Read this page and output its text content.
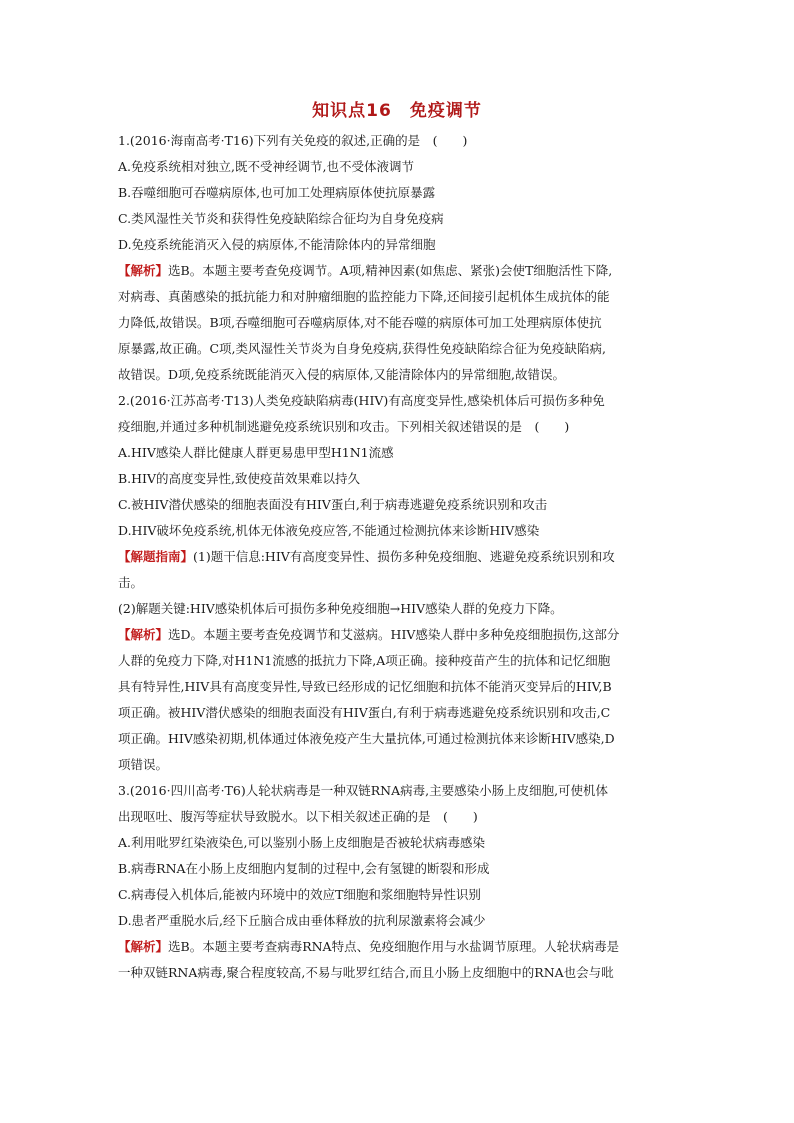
知识点16　免疫调节
1.(2016·海南高考·T16)下列有关免疫的叙述,正确的是　(　　)
A.免疫系统相对独立,既不受神经调节,也不受体液调节
B.吞噬细胞可吞噬病原体,也可加工处理病原体使抗原暴露
C.类风湿性关节炎和获得性免疫缺陷综合征均为自身免疫病
D.免疫系统能消灭入侵的病原体,不能清除体内的异常细胞
【解析】选B。本题主要考查免疫调节。A项,精神因素(如焦虑、紧张)会使T细胞活性下降,
对病毒、真菌感染的抵抗能力和对肿瘤细胞的监控能力下降,还间接引起机体生成抗体的能
力降低,故错误。B项,吞噬细胞可吞噬病原体,对不能吞噬的病原体可加工处理病原体使抗
原暴露,故正确。C项,类风湿性关节炎为自身免疫病,获得性免疫缺陷综合征为免疫缺陷病,
故错误。D项,免疫系统既能消灭入侵的病原体,又能清除体内的异常细胞,故错误。
2.(2016·江苏高考·T13)人类免疫缺陷病毒(HIV)有高度变异性,感染机体后可损伤多种免
疫细胞,并通过多种机制逃避免疫系统识别和攻击。下列相关叙述错误的是　(　　)
A.HIV感染人群比健康人群更易患甲型H1N1流感
B.HIV的高度变异性,致使疫苗效果难以持久
C.被HIV潜伏感染的细胞表面没有HIV蛋白,利于病毒逃避免疫系统识别和攻击
D.HIV破坏免疫系统,机体无体液免疫应答,不能通过检测抗体来诊断HIV感染
【解题指南】(1)题干信息:HIV有高度变异性、损伤多种免疫细胞、逃避免疫系统识别和攻
击。
(2)解题关键:HIV感染机体后可损伤多种免疫细胞→HIV感染人群的免疫力下降。
【解析】选D。本题主要考查免疫调节和艾滋病。HIV感染人群中多种免疫细胞损伤,这部分
人群的免疫力下降,对H1N1流感的抵抗力下降,A项正确。接种疫苗产生的抗体和记忆细胞
具有特异性,HIV具有高度变异性,导致已经形成的记忆细胞和抗体不能消灭变异后的HIV,B
项正确。被HIV潜伏感染的细胞表面没有HIV蛋白,有利于病毒逃避免疫系统识别和攻击,C
项正确。HIV感染初期,机体通过体液免疫产生大量抗体,可通过检测抗体来诊断HIV感染,D
项错误。
3.(2016·四川高考·T6)人轮状病毒是一种双链RNA病毒,主要感染小肠上皮细胞,可使机体
出现呕吐、腹泻等症状导致脱水。以下相关叙述正确的是　(　　)
A.利用吡罗红染液染色,可以鉴别小肠上皮细胞是否被轮状病毒感染
B.病毒RNA在小肠上皮细胞内复制的过程中,会有氢键的断裂和形成
C.病毒侵入机体后,能被内环境中的效应T细胞和浆细胞特异性识别
D.患者严重脱水后,经下丘脑合成由垂体释放的抗利尿激素将会减少
【解析】选B。本题主要考查病毒RNA特点、免疫细胞作用与水盐调节原理。人轮状病毒是
一种双链RNA病毒,聚合程度较高,不易与吡罗红结合,而且小肠上皮细胞中的RNA也会与吡
